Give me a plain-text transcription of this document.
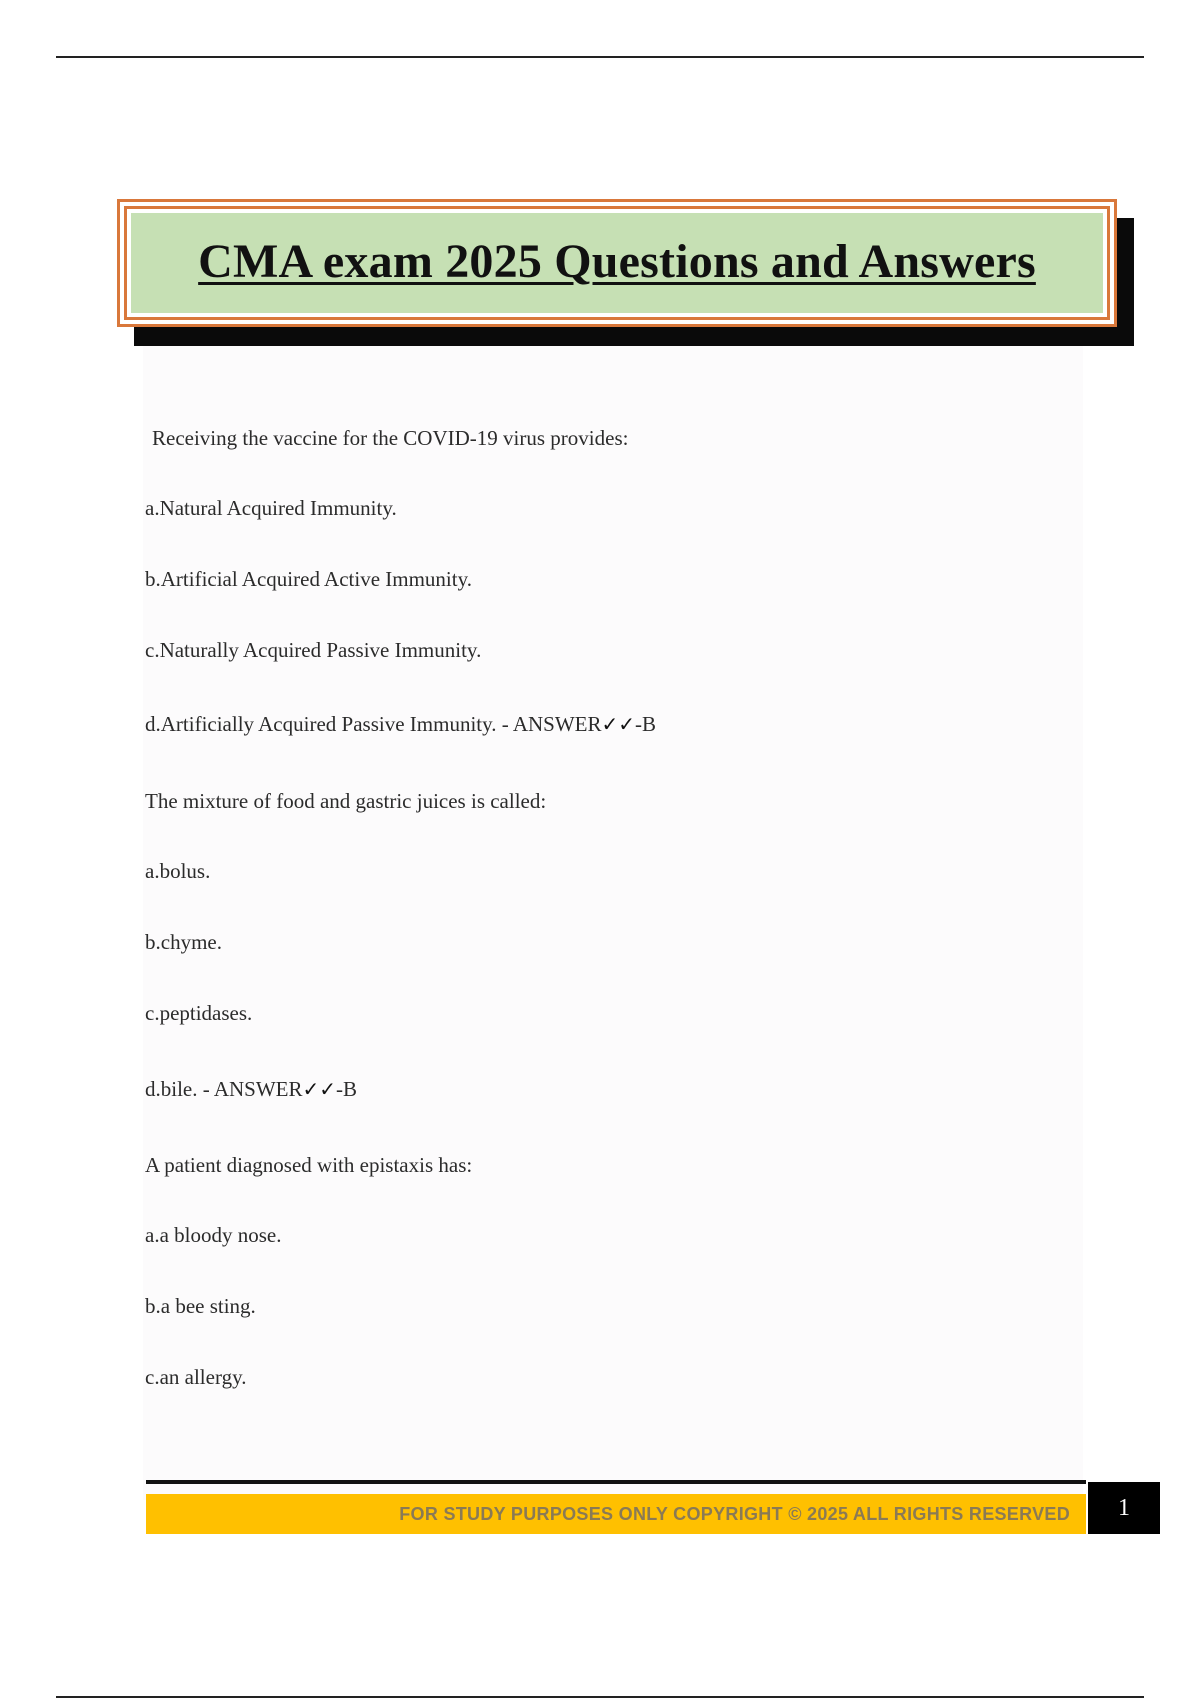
CMA exam 2025 Questions and Answers
Receiving the vaccine for the COVID-19 virus provides:
a.Natural Acquired Immunity.
b.Artificial Acquired Active Immunity.
c.Naturally Acquired Passive Immunity.
d.Artificially Acquired Passive Immunity. - ANSWER✓✓-B
The mixture of food and gastric juices is called:
a.bolus.
b.chyme.
c.peptidases.
d.bile. - ANSWER✓✓-B
A patient diagnosed with epistaxis has:
a.a bloody nose.
b.a bee sting.
c.an allergy.
FOR STUDY PURPOSES ONLY COPYRIGHT © 2025 ALL RIGHTS RESERVED	1
